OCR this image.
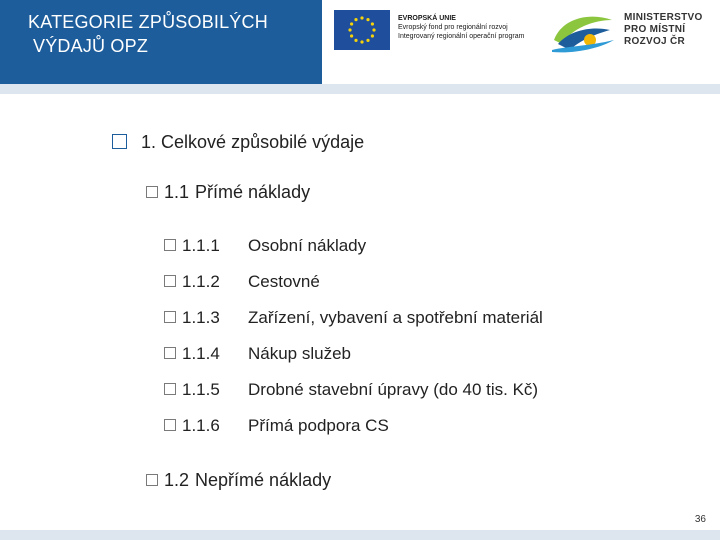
KATEGORIE ZPŮSOBILÝCH
VÝDAJŮ OPZ
EVROPSKÁ UNIE
Evropský fond pro regionální rozvoj
Integrovaný regionální operační program
MINISTERSTVO
PRO MÍSTNÍ
ROZVOJ ČR
1. Celkové způsobilé výdaje
1.1 Přímé náklady
1.1.1 Osobní náklady
1.1.2 Cestovné
1.1.3 Zařízení, vybavení a spotřební materiál
1.1.4 Nákup služeb
1.1.5 Drobné stavební úpravy (do 40 tis. Kč)
1.1.6 Přímá podpora CS
1.2 Nepřímé náklady
36
